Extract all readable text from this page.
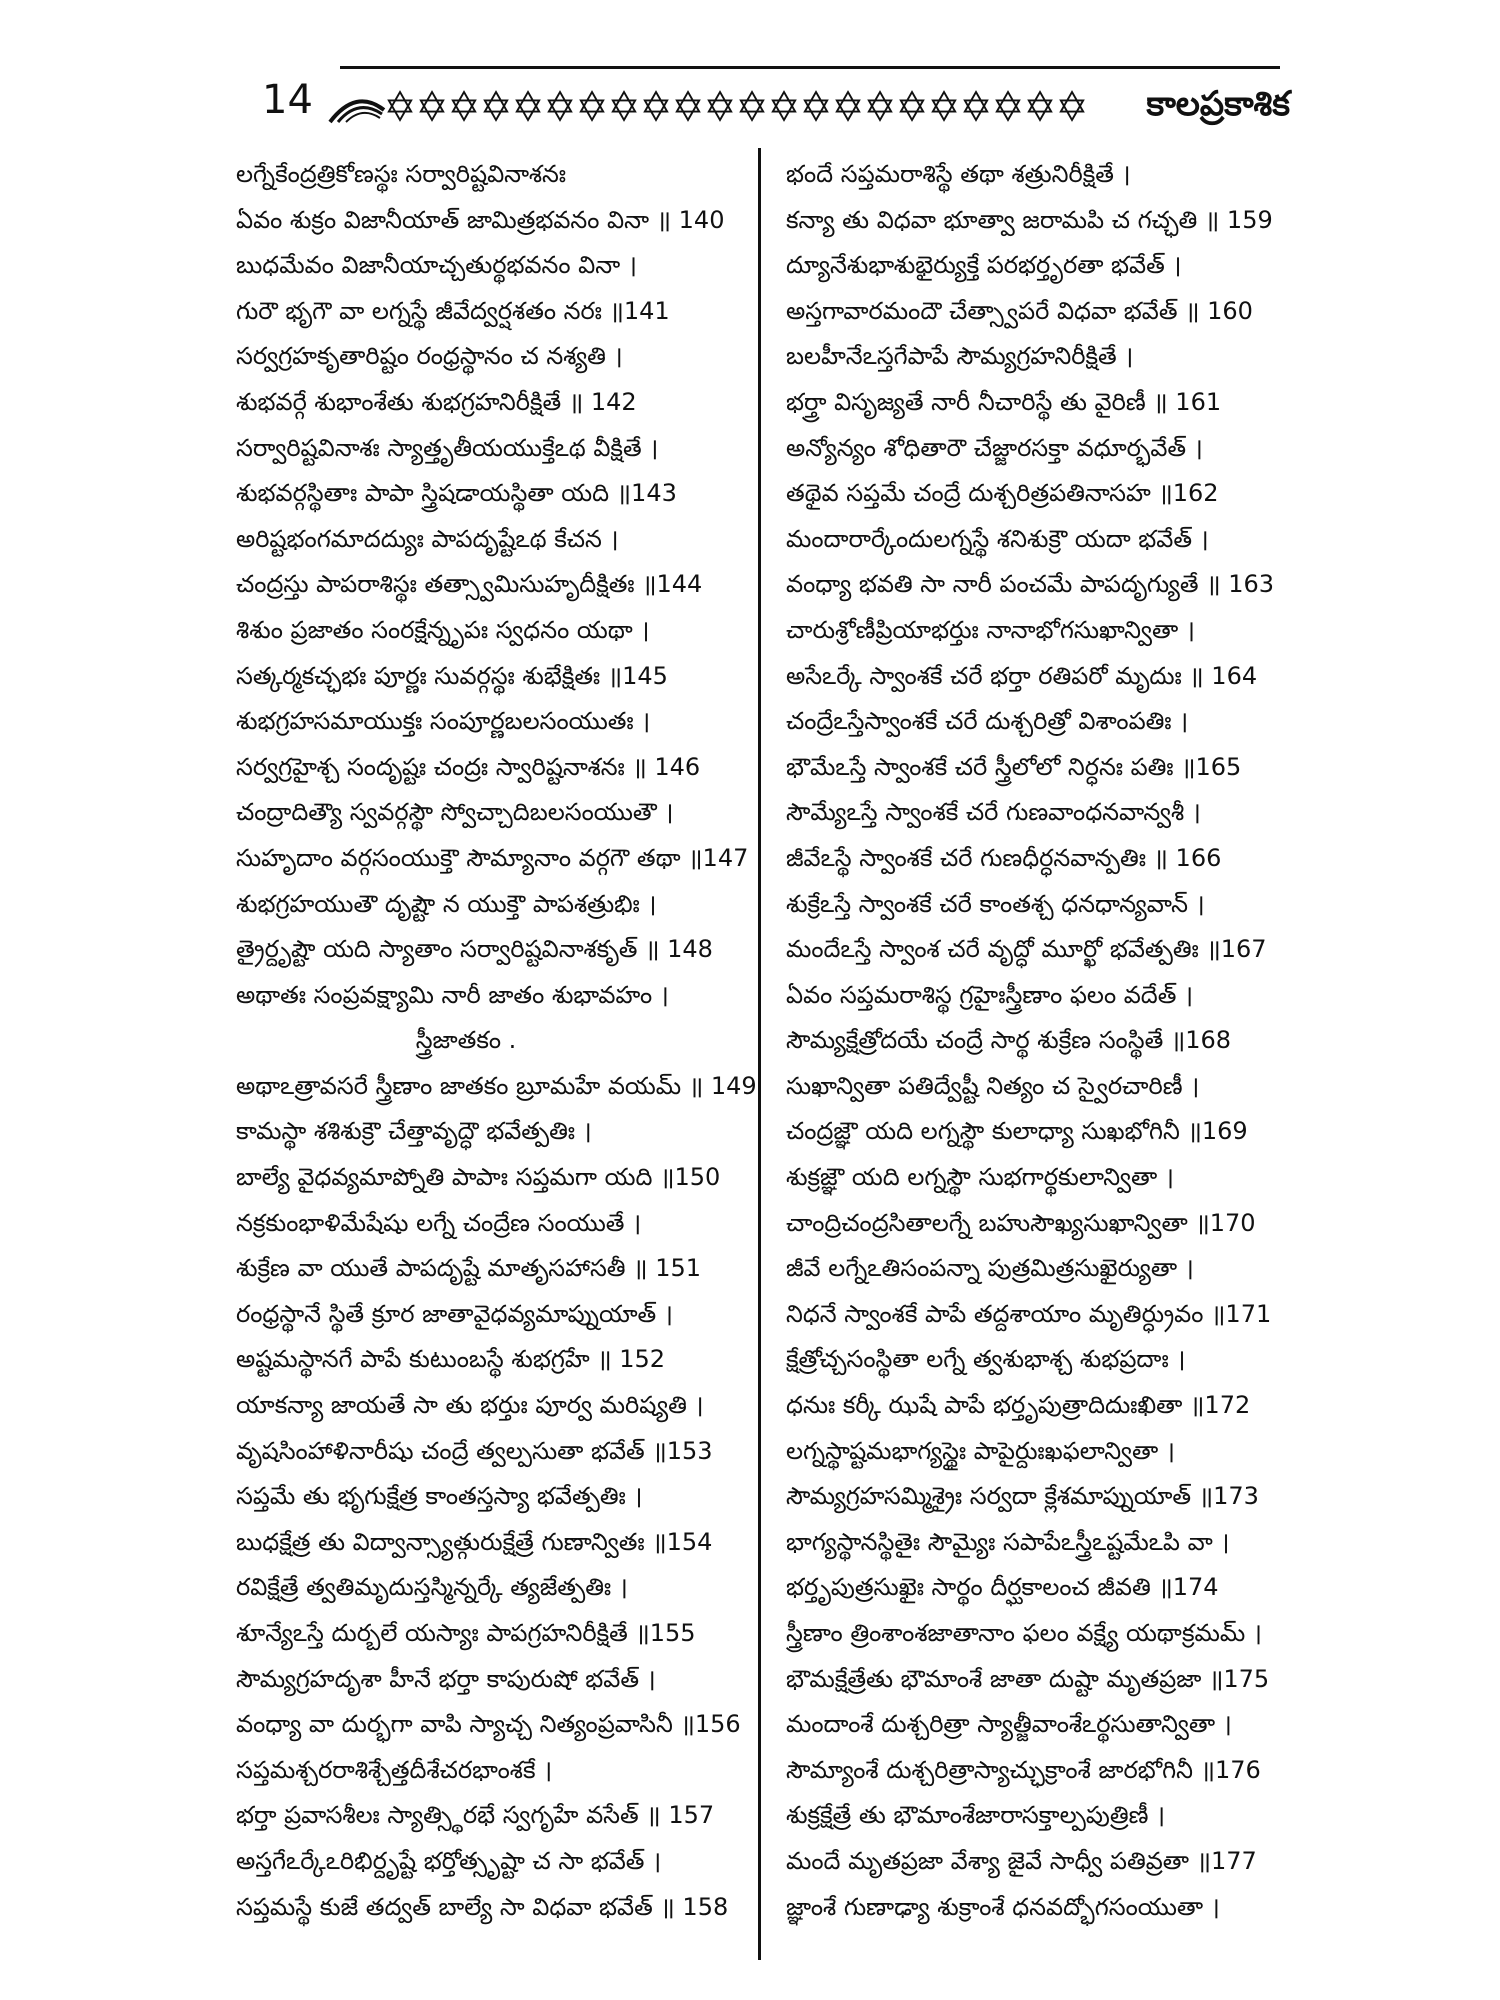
14	కాలప్రకాశిక
లగ్నేకేంద్రత్రికోణస్థః సర్వారిష్టవినాశనః
ఏవం శుక్రం విజానీయాత్ జామిత్రభవనం వినా ॥ 140
బుధమేవం విజానీయాచ్చతుర్థభవనం వినా ।
గురౌ భృగౌ వా లగ్నస్థే జీవేద్వర్షశతం నరః ॥141
సర్వగ్రహకృతారిష్టం రంధ్రస్థానం చ నశ్యతి ।
శుభవర్గే శుభాంశేతు శుభగ్రహనిరీక్షితే ॥ 142
సర్వారిష్టవినాశః స్యాత్తృతీయయుక్తేఽథ వీక్షితే ।
శుభవర్గస్థితాః పాపా స్త్రిషడాయస్థితా యది ॥143
అరిష్టభంగమాదద్యుః పాపదృష్టేఽథ కేచన ।
చంద్రస్తు పాపరాశిస్థః తత్స్వామిసుహృదీక్షితః ॥144
శిశుం ప్రజాతం సంరక్షేన్నృపః స్వధనం యథా ।
సత్కర్మకచ్ఛభః పూర్ణః సువర్గస్థః శుభేక్షితః ॥145
శుభగ్రహసమాయుక్తః సంపూర్ణబలసంయుతః ।
సర్వగ్రహైశ్చ సందృష్టః చంద్రః స్వారిష్టనాశనః ॥ 146
చంద్రాదిత్యౌ స్వవర్గస్థౌ స్వోచ్చాదిబలసంయుతౌ ।
సుహృదాం వర్గసంయుక్తౌ సౌమ్యానాం వర్గగౌ తథా ॥147
శుభగ్రహయుతౌ దృష్టౌ న యుక్తౌ పాపశత్రుభిః ।
త్రైర్దృష్టౌ యది స్యాతాం సర్వారిష్టవినాశకృత్ ॥ 148
అథాతః సంప్రవక్ష్యామి నారీ జాతం శుభావహం ।
స్త్రీజాతకం .
అథాఽత్రావసరే స్త్రీణాం జాతకం బ్రూమహే వయమ్ ॥ 149
కామస్థా శశిశుక్రౌ చేత్తావృద్ధౌ భవేత్పతిః ।
బాల్యే వైధవ్యమాప్నోతి పాపాః సప్తమగా యది ॥150
నక్రకుంభాళిమేషేషు లగ్నే చంద్రేణ సంయుతే ।
శుక్రేణ వా యుతే పాపదృష్టే మాతృసహాసతీ ॥ 151
రంధ్రస్థానే స్థితే క్రూర జాతావైధవ్యమాప్నుయాత్ ।
అష్టమస్థానగే పాపే కుటుంబస్థే శుభగ్రహే ॥ 152
యాకన్యా జాయతే సా తు భర్తుః పూర్వ మరిష్యతి ।
వృషసింహాళినారీషు చంద్రే త్వల్పసుతా భవేత్ ॥153
సప్తమే తు భృగుక్షేత్ర కాంతస్తస్యా భవేత్పతిః ।
బుధక్షేత్ర తు విద్వాన్స్యాత్గురుక్షేత్రే గుణాన్వితః ॥154
రవిక్షేత్రే త్వతిమృదుస్తస్మిన్నర్కే త్యజేత్పతిః ।
శూన్యేఽస్తే దుర్బలే యస్యాః పాపగ్రహనిరీక్షితే ॥155
సౌమ్యగ్రహదృశా హీనే భర్తా కాపురుషో భవేత్ ।
వంధ్యా వా దుర్భగా వాపి స్యాచ్చ నిత్యంప్రవాసినీ ॥156
సప్తమశ్చరరాశిశ్చేత్తదీశేచరభాంశకే ।
భర్తా ప్రవాసశీలః స్యాత్స్థిరభే స్వగృహే వసేత్ ॥ 157
అస్తగేఽర్కేఽరిభిర్దృష్టే భర్తోత్సృష్టా చ సా భవేత్ ।
సప్తమస్థే కుజే తద్వత్ బాల్యే సా విధవా భవేత్ ॥ 158
భందే సప్తమరాశిస్థే తథా శత్రునిరీక్షితే ।
కన్యా తు విధవా భూత్వా జరామపి చ గచ్ఛతి ॥ 159
ద్యూనేశుభాశుభైర్యుక్తే పరభర్తృరతా భవేత్ ।
అస్తగావారమందౌ చేత్స్వాపరే విధవా భవేత్ ॥ 160
బలహీనేఽస్తగేపాపే సౌమ్యగ్రహనిరీక్షితే ।
భర్త్రా విసృజ్యతే నారీ నీచారిస్థే తు వైరిణీ ॥ 161
అన్యోన్యం శోధితారౌ చేజ్జారసక్తా వధూర్భవేత్ ।
తథైవ సప్తమే చంద్రే దుశ్చరిత్రపతినాసహ ॥162
మందారార్కేందులగ్నస్థే శనిశుక్రౌ యదా భవేత్ ।
వంధ్యా భవతి సా నారీ పంచమే పాపదృగ్యుతే ॥ 163
చారుశ్రోణీప్రియాభర్తుః నానాభోగసుఖాన్వితా ।
అసేఽర్కే స్వాంశకే చరే భర్తా రతిపరో మృదుః ॥ 164
చంద్రేఽస్తేస్వాంశకే చరే దుశ్చరిత్రో విశాంపతిః ।
భౌమేఽస్తే స్వాంశకే చరే స్త్రీలోలో నిర్ధనః పతిః ॥165
సౌమ్యేఽస్తే స్వాంశకే చరే గుణవాంధనవాన్వశీ ।
జీవేఽస్థే స్వాంశకే చరే గుణధీర్ధనవాన్పతిః ॥ 166
శుక్రేఽస్తే స్వాంశకే చరే కాంతశ్చ ధనధాన్యవాన్ ।
మందేఽస్తే స్వాంశ చరే వృద్ధో మూర్ఖో భవేత్పతిః ॥167
ఏవం సప్తమరాశిస్థ గ్రహైఃస్త్రీణాం ఫలం వదేత్ ।
సౌమ్యక్షేత్రోదయే చంద్రే సార్థ శుక్రేణ సంస్థితే ॥168
సుఖాన్వితా పతిద్వేష్టీ నిత్యం చ స్వైరచారిణీ ।
చంద్రజ్ఞౌ యది లగ్నస్థౌ కులాధ్యా సుఖభోగినీ ॥169
శుక్రజ్ఞౌ యది లగ్నస్థౌ సుభగార్థకులాన్వితా ।
చాంద్రిచంద్రసితాలగ్నే బహుసౌఖ్యసుఖాన్వితా ॥170
జీవే లగ్నేఽతిసంపన్నా పుత్రమిత్రసుఖైర్యుతా ।
నిధనే స్వాంశకే పాపే తద్దశాయాం మృతిర్ధ్రువం ॥171
క్షేత్రోచ్చసంస్థితా లగ్నే త్వశుభాశ్చ శుభప్రదాః ।
ధనుః కర్కీ ఝషే పాపే భర్తృపుత్రాదిదుఃఖితా ॥172
లగ్నస్థాష్టమభాగ్యస్థైః పాపైర్దుఃఖఫలాన్వితా ।
సౌమ్యగ్రహసమ్మిశ్రైః సర్వదా క్లేశమాప్నుయాత్ ॥173
భాగ్యస్థానస్థితైః సౌమ్యైః సపాపేఽస్త్రీఽష్టమేఽపి వా ।
భర్తృపుత్రసుఖైః సార్థం దీర్ఘకాలంచ జీవతి ॥174
స్త్రీణాం త్రింశాంశజాతానాం ఫలం వక్ష్యే యథాక్రమమ్ ।
భౌమక్షేత్రేతు భౌమాంశే జాతా దుష్టా మృతప్రజా ॥175
మందాంశే దుశ్చరిత్రా స్యాత్జీవాంశేఽర్థసుతాన్వితా ।
సౌమ్యాంశే దుశ్చరిత్రాస్యాచ్ఛుక్రాంశే జారభోగినీ ॥176
శుక్రక్షేత్రే తు భౌమాంశేజారాసక్తాల్పపుత్రిణీ ।
మందే మృతప్రజా వేశ్యా జైవే సాధ్వీ పతివ్రతా ॥177
జ్ఞాంశే గుణాఢ్యా శుక్రాంశే ధనవద్భోగసంయుతా ।
